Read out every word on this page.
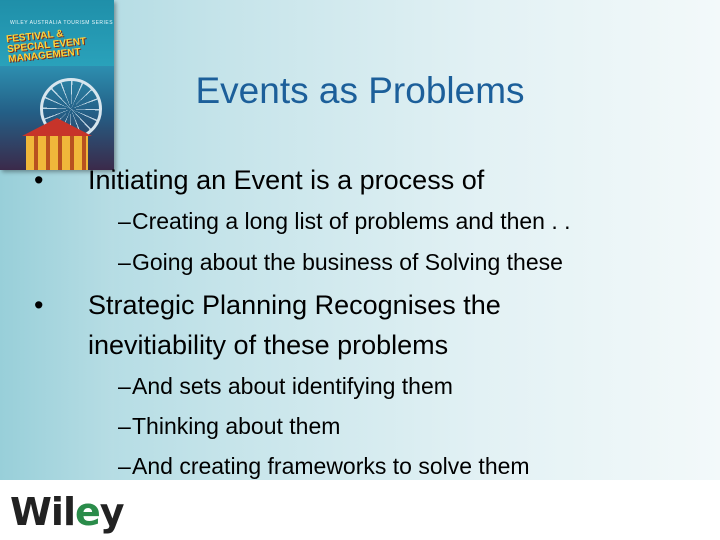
WILEY AUSTRALIA TOURISM SERIES
FESTIVAL & SPECIAL EVENT MANAGEMENT
Events as Problems
• Initiating an Event is a process of
– Creating a long list of problems and then . .
– Going about the business of Solving these
• Strategic Planning Recognises the
inevitiability of these problems
– And sets about identifying them
– Thinking about them
– And creating frameworks to solve them
Wiley
